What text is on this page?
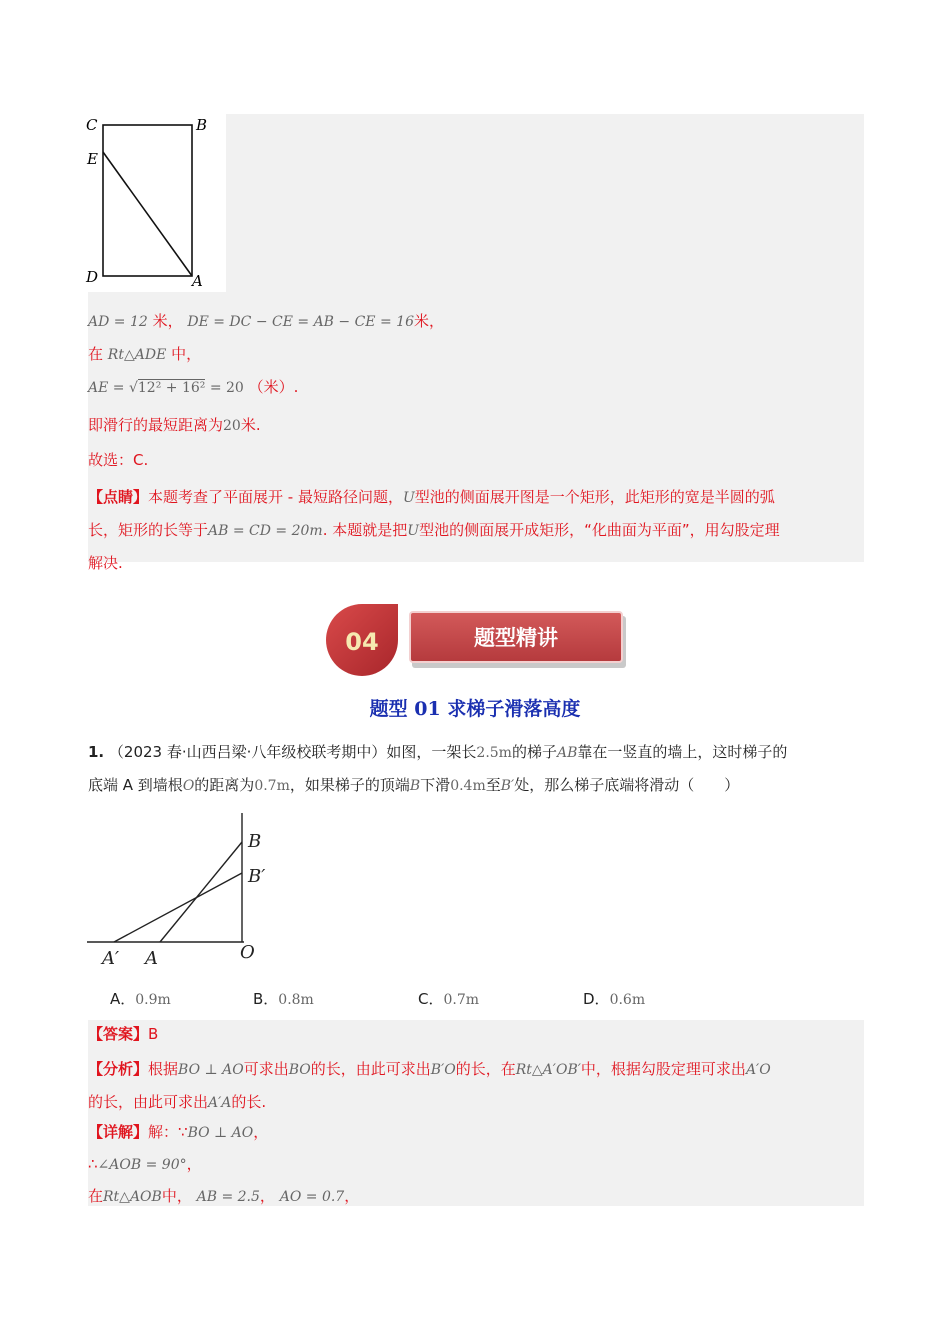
C	B
E
D	A
AD = 12 米， DE = DC − CE = AB − CE = 16米，
在 Rt△ADE 中，
AE = √12² + 16² = 20 （米）.
即滑行的最短距离为20米.
故选：C.
【点睛】本题考查了平面展开 - 最短路径问题，U型池的侧面展开图是一个矩形，此矩形的宽是半圆的弧
长，矩形的长等于AB = CD = 20m. 本题就是把U型池的侧面展开成矩形，“化曲面为平面”，用勾股定理
解决.
04	题型精讲
题型 01 求梯子滑落高度
1. （2023 春·山西吕梁·八年级校联考期中）如图，一架长2.5m的梯子AB靠在一竖直的墙上，这时梯子的
底端 A 到墙根O的距离为0.7m，如果梯子的顶端B下滑0.4m至B′处，那么梯子底端将滑动（　　）
B
B′
A′ A	O
A．0.9m	B．0.8m	C．0.7m	D．0.6m
【答案】B
【分析】根据BO ⊥ AO可求出BO的长，由此可求出B′O的长，在Rt△A′OB′中，根据勾股定理可求出A′O
的长，由此可求出A′A的长.
【详解】解：∵BO ⊥ AO，
∴∠AOB = 90°，
在Rt△AOB中， AB = 2.5， AO = 0.7，
